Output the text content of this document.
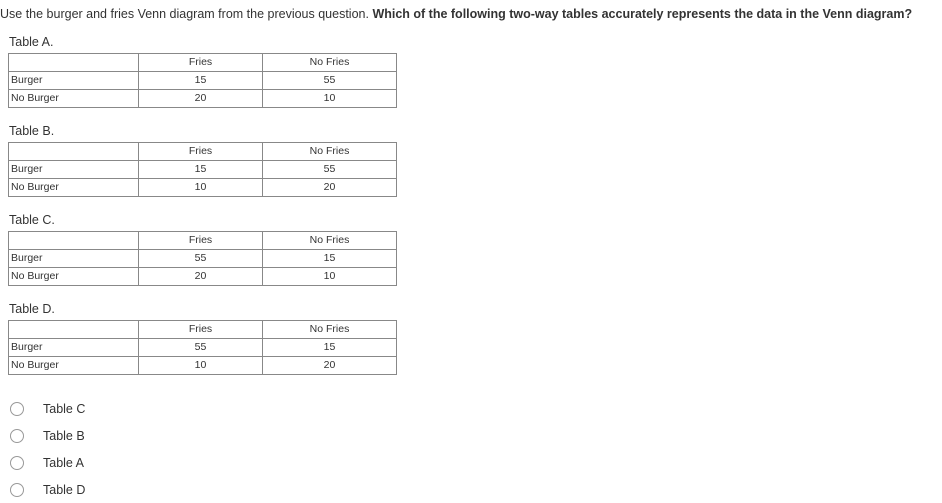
Use the burger and fries Venn diagram from the previous question. Which of the following two-way tables accurately represents the data in the Venn diagram?
Table A.
	Fries	No Fries
Burger	15	55
No Burger	20	10
Table B.
	Fries	No Fries
Burger	15	55
No Burger	10	20
Table C.
	Fries	No Fries
Burger	55	15
No Burger	20	10
Table D.
	Fries	No Fries
Burger	55	15
No Burger	10	20
Table C
Table B
Table A
Table D
